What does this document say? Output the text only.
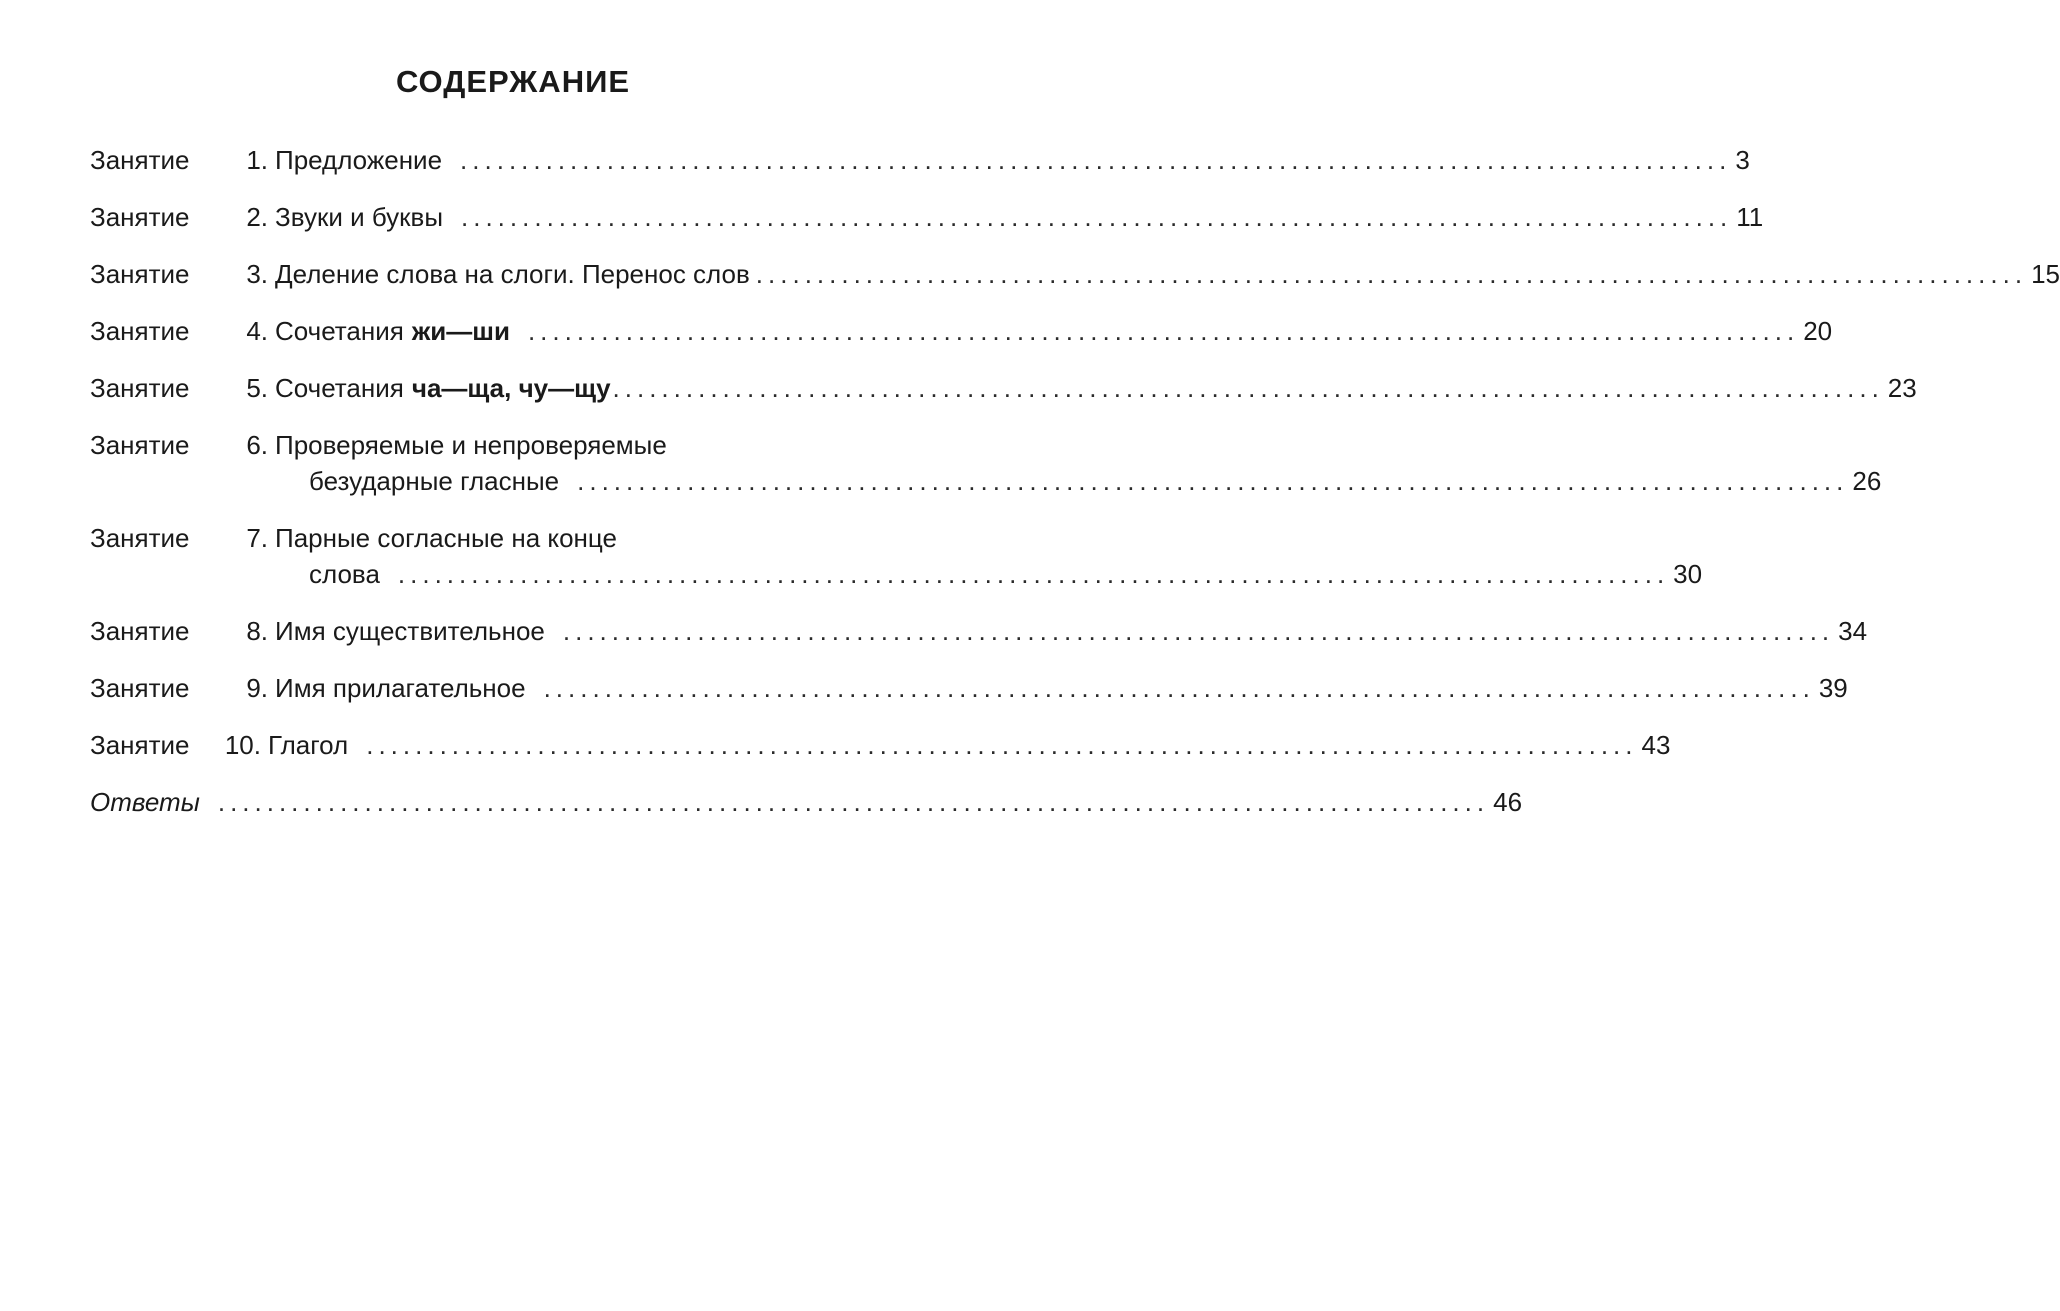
СОДЕРЖАНИЕ
Занятие	1. Предложение ........................................................................................................ 3
Занятие	2. Звуки и буквы ........................................................................................................ 11
Занятие	3. Деление слова на слоги. Перенос слов ........................................................................................................ 15
Занятие	4. Сочетания жи—ши ........................................................................................................ 20
Занятие	5. Сочетания ча—ща, чу—щу ........................................................................................................ 23
Занятие	6. Проверяемые и непроверяемые
безударные гласные ........................................................................................................ 26
Занятие	7. Парные согласные на конце
слова ........................................................................................................ 30
Занятие	8. Имя существительное ........................................................................................................ 34
Занятие	9. Имя прилагательное ........................................................................................................ 39
Занятие	10. Глагол ........................................................................................................ 43
Ответы ........................................................................................................ 46
